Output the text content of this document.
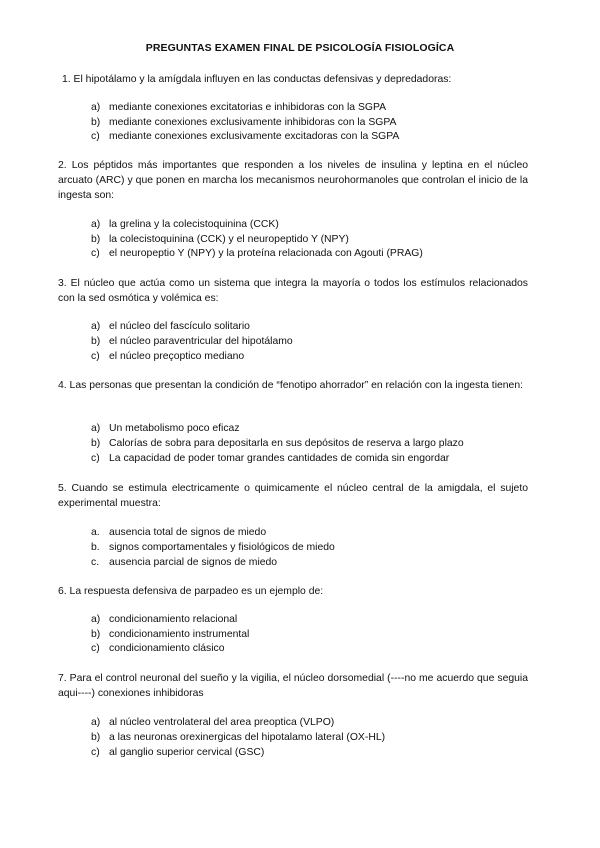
PREGUNTAS EXAMEN FINAL DE PSICOLOGÍA FISIOLOGÍCA
1. El hipotálamo y la amígdala influyen en las conductas defensivas y depredadoras:
a) mediante conexiones excitatorias e inhibidoras con la SGPA
b) mediante conexiones exclusivamente inhibidoras con la SGPA
c) mediante conexiones exclusivamente excitadoras con la SGPA
2. Los péptidos más importantes que responden a los niveles de insulina y leptina en el núcleo arcuato (ARC) y que ponen en marcha los mecanismos neurohormanoles que controlan el inicio de la ingesta son:
a) la grelina y la colecistoquinina (CCK)
b) la colecistoquinina (CCK) y el neuropeptido Y (NPY)
c) el neuropeptio Y (NPY) y la proteína relacionada con Agouti (PRAG)
3. El núcleo que actúa como un sistema que integra la mayoría o todos los estímulos relacionados con la sed osmótica y volémica es:
a) el núcleo del fascículo solitario
b) el núcleo paraventricular del hipotálamo
c) el núcleo preçoptico mediano
4. Las personas que presentan la condición de “fenotipo ahorrador” en relación con la ingesta tienen:
a) Un metabolismo poco eficaz
b) Calorías de sobra para depositarla en sus depósitos de reserva a largo plazo
c) La capacidad de poder tomar grandes cantidades de comida sin engordar
5. Cuando se estimula electricamente o quimicamente el núcleo central de la amigdala, el sujeto experimental muestra:
a. ausencia total de signos de miedo
b. signos comportamentales y fisiológicos de miedo
c. ausencia parcial de signos de miedo
6. La respuesta defensiva de parpadeo es un ejemplo de:
a) condicionamiento relacional
b) condicionamiento instrumental
c) condicionamiento clásico
7. Para el control neuronal del sueño y la vigilia, el núcleo dorsomedial (----no me acuerdo que seguia aqui----) conexiones inhibidoras
a) al núcleo ventrolateral del area preoptica (VLPO)
b) a las neuronas orexinergicas del hipotalamo lateral (OX-HL)
c) al ganglio superior cervical (GSC)
